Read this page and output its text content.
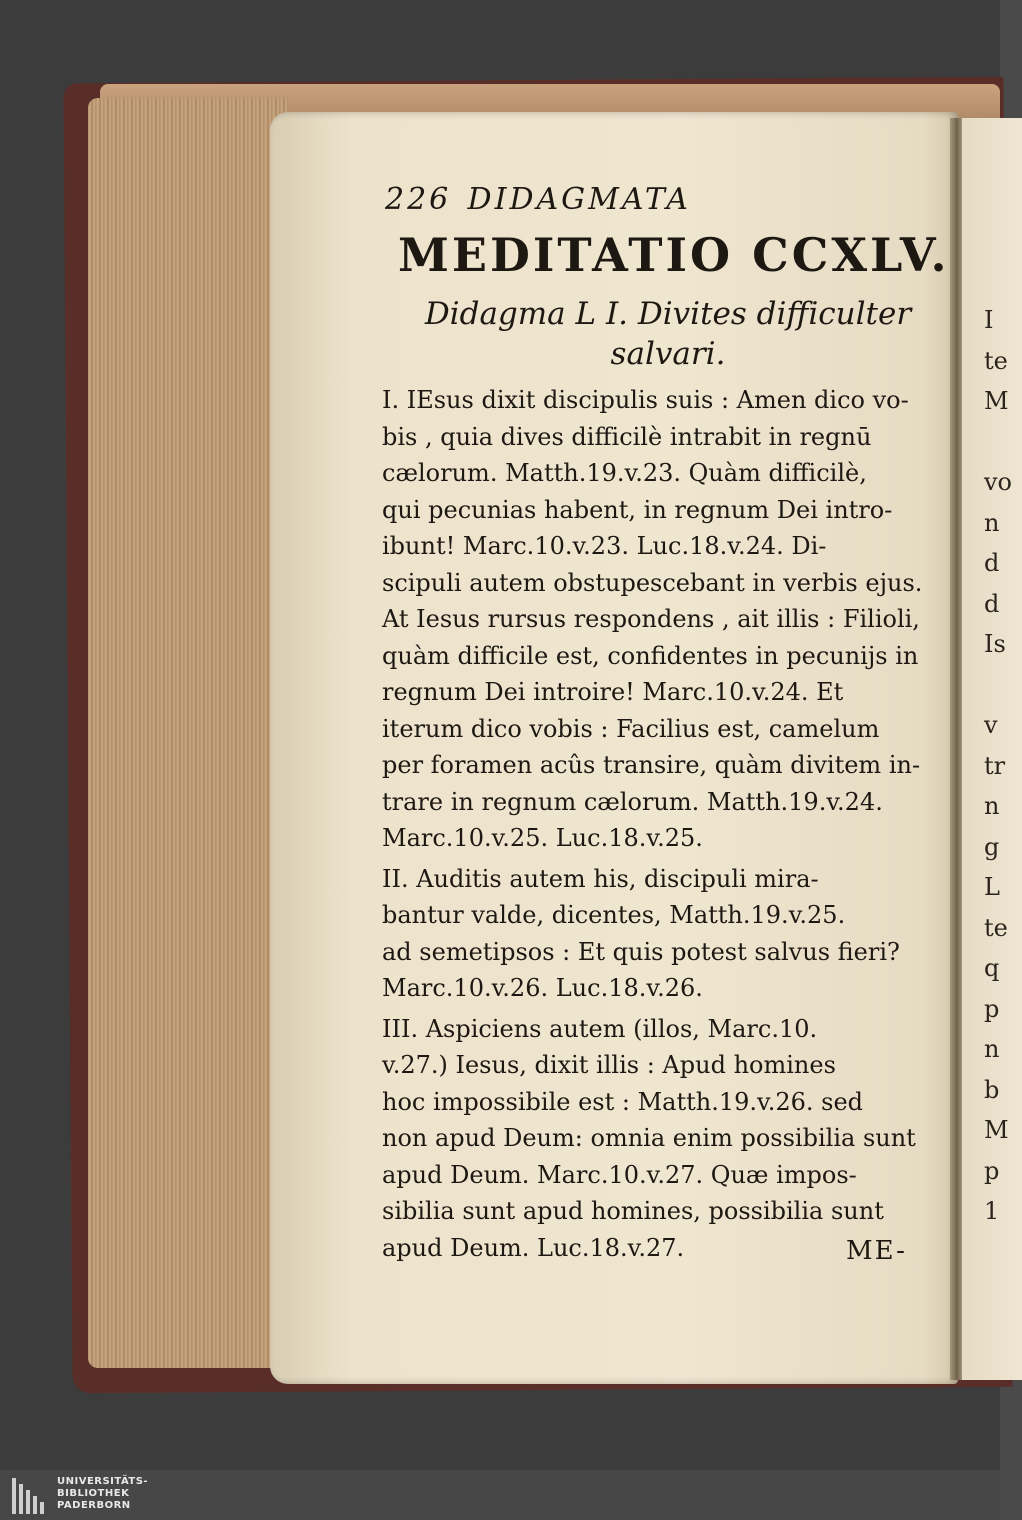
226 DIDAGMATA
MEDITATIO CCXLV.
Didagma L I. Divites difficulter
salvari.
I. IEsus dixit discipulis suis : Amen dico vo-
bis , quia dives difficilè intrabit in regnū
cælorum. Matth.19.v.23. Quàm difficilè,
qui pecunias habent, in regnum Dei intro-
ibunt! Marc.10.v.23. Luc.18.v.24. Di-
scipuli autem obstupescebant in verbis ejus.
At Iesus rursus respondens , ait illis : Filioli,
quàm difficile est, confidentes in pecunijs in
regnum Dei introire! Marc.10.v.24. Et
iterum dico vobis : Facilius est, camelum
per foramen acûs transire, quàm divitem in-
trare in regnum cælorum. Matth.19.v.24.
Marc.10.v.25. Luc.18.v.25.
II. Auditis autem his, discipuli mira-
bantur valde, dicentes, Matth.19.v.25.
ad semetipsos : Et quis potest salvus fieri?
Marc.10.v.26. Luc.18.v.26.
III. Aspiciens autem (illos, Marc.10.
v.27.) Iesus, dixit illis : Apud homines
hoc impossibile est : Matth.19.v.26. sed
non apud Deum: omnia enim possibilia sunt
apud Deum. Marc.10.v.27. Quæ impos-
sibilia sunt apud homines, possibilia sunt
apud Deum. Luc.18.v.27.	ME-
I
te
M
vo
n
d
d
Is
v
tr
n
g
L
te
q
p
n
b
M
p
1
UNIVERSITÄTS-
BIBLIOTHEK
PADERBORN
